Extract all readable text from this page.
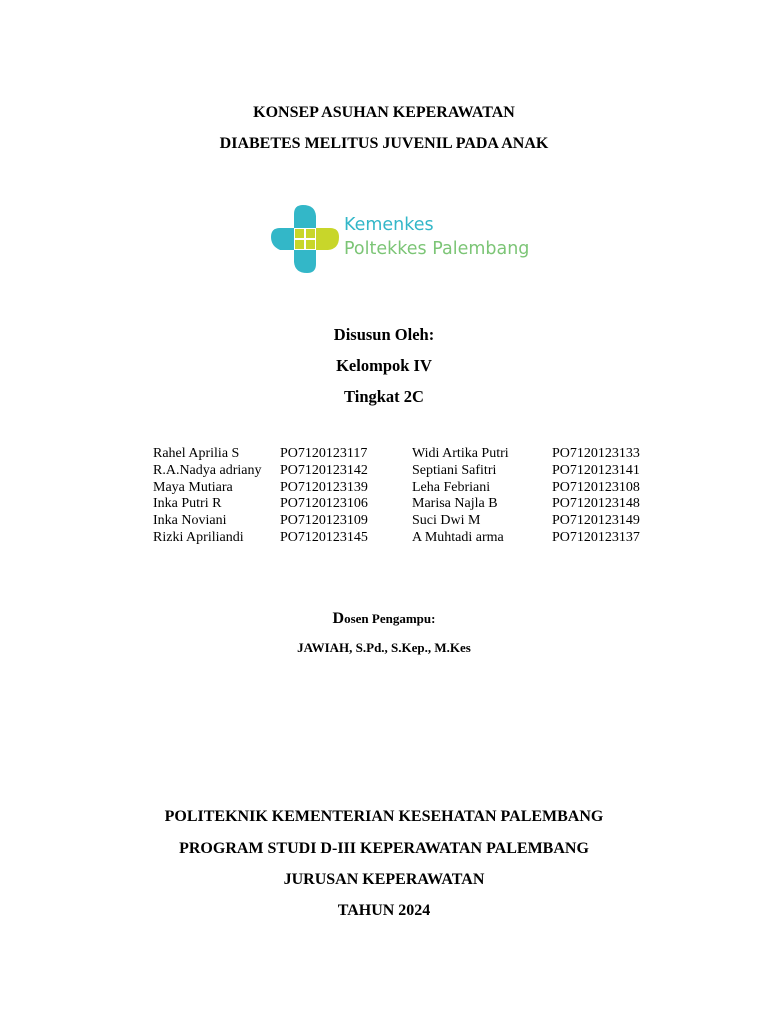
KONSEP ASUHAN KEPERAWATAN
DIABETES MELITUS JUVENIL PADA ANAK
Kemenkes
Poltekkes Palembang
Disusun Oleh:
Kelompok IV
Tingkat 2C
Rahel Aprilia S	PO7120123117	Widi Artika Putri	PO7120123133
R.A.Nadya adriany PO7120123142	Septiani Safitri	PO7120123141
Maya Mutiara	PO7120123139	Leha Febriani	PO7120123108
Inka Putri R	PO7120123106	Marisa Najla B	PO7120123148
Inka Noviani	PO7120123109	Suci Dwi M	PO7120123149
Rizki Apriliandi	PO7120123145	A Muhtadi arma	PO7120123137
Dosen Pengampu:
JAWIAH, S.Pd., S.Kep., M.Kes
POLITEKNIK KEMENTERIAN KESEHATAN PALEMBANG
PROGRAM STUDI D-III KEPERAWATAN PALEMBANG
JURUSAN KEPERAWATAN
TAHUN 2024
